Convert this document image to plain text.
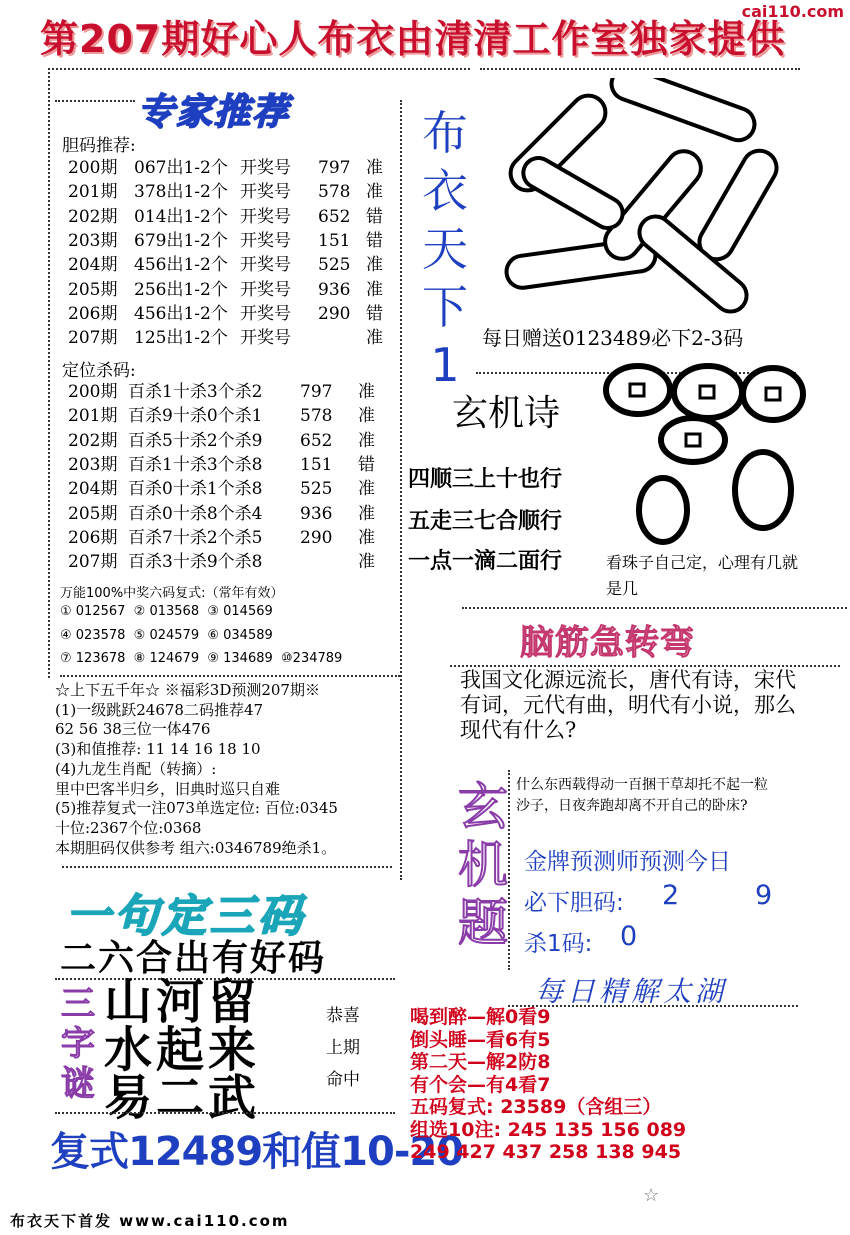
第207期好心人布衣由清清工作室独家提供
cai110.com
专家推荐
胆码推荐:
200期 067出1-2个 开奖号 797 准
201期 378出1-2个 开奖号 578 准
202期 014出1-2个 开奖号 652 错
203期 679出1-2个 开奖号 151 错
204期 456出1-2个 开奖号 525 准
205期 256出1-2个 开奖号 936 准
206期 456出1-2个 开奖号 290 错
207期 125出1-2个 开奖号	准
定位杀码:
200期 百杀1十杀3个杀2 797 准
201期 百杀9十杀0个杀1 578 准
202期 百杀5十杀2个杀9 652 准
203期 百杀1十杀3个杀8 151 错
204期 百杀0十杀1个杀8 525 准
205期 百杀0十杀8个杀4 936 准
206期 百杀7十杀2个杀5 290 准
207期 百杀3十杀9个杀8	准
万能100%中奖六码复式:（常年有效）
① 012567  ② 013568  ③ 014569
④ 023578  ⑤ 024579  ⑥ 034589
⑦ 123678  ⑧ 124679  ⑨ 134689  ⑩234789
☆上下五千年☆ ※福彩3D预测207期※
(1)一级跳跃24678二码推荐47
62 56 38三位一体476
(3)和值推荐: 11 14 16 18 10
(4)九龙生肖配（转摘）:
里中巴客半归乡，旧典时巡只自难
(5)推荐复式一注073单选定位: 百位:0345
十位:2367个位:0368
本期胆码仅供参考 组六:0346789绝杀1。
布
衣
天
下
1	每日赠送0123489必下2-3码
玄机诗
四顺三上十也行
五走三七合顺行
一点一滴二面行	看珠子自己定，心理有几就是几
脑筋急转弯
我国文化源远流长，唐代有诗，宋代有词，元代有曲，明代有小说，那么现代有什么?
玄
机
题
什么东西载得动一百捆干草却托不起一粒沙子，日夜奔跑却离不开自己的卧床?
金牌预测师预测今日
必下胆码: 2	9
杀1码: 0
一句定三码
二六合出有好码
三
字
谜
山河留
水起来
易二武
恭喜
上期
命中
复式12489和值10-20
每日精解太湖
喝到醉—解0看9
倒头睡—看6有5
第二天—解2防8
有个会—有4看7
五码复式: 23589（含组三）
组选10注: 245 135 156 089
249 427 437 258 138 945
☆
布衣天下首发 www.cai110.com
